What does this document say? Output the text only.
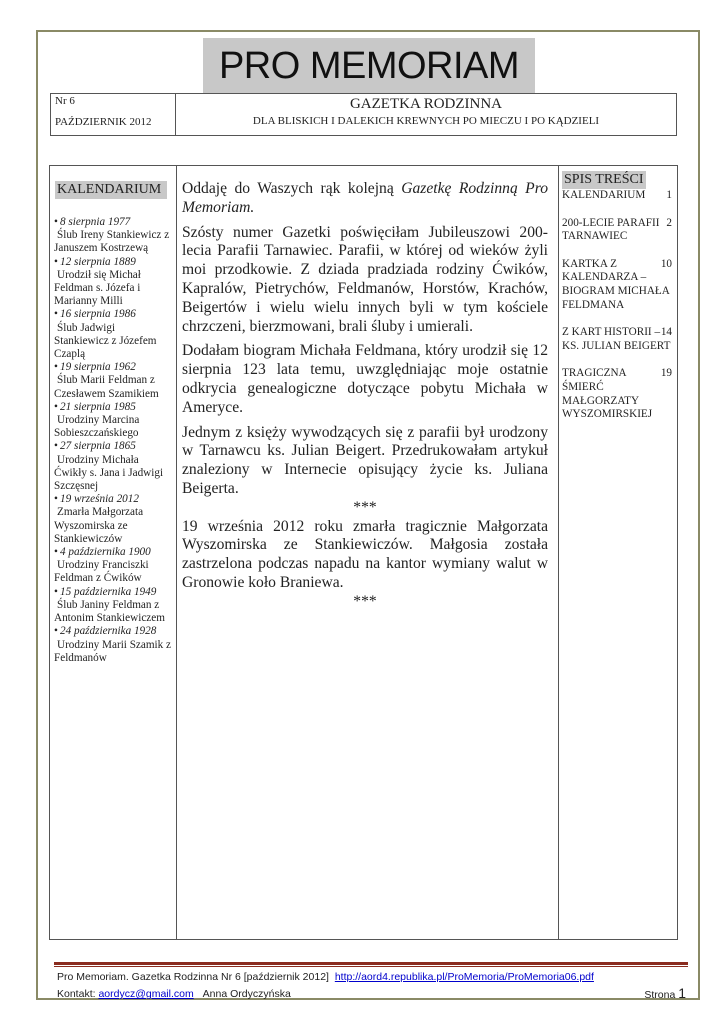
PRO MEMORIAM
Nr 6
PAŹDZIERNIK 2012
GAZETKA RODZINNA
DLA BLISKICH I DALEKICH KREWNYCH PO MIECZU I PO KĄDZIELI
KALENDARIUM
• 8 sierpnia 1977
Ślub Ireny Stankiewicz z Januszem Kostrzewą
• 12 sierpnia 1889
Urodził się Michał Feldman s. Józefa i Marianny Milli
• 16 sierpnia 1986
Ślub Jadwigi Stankiewicz z Józefem Czaplą
• 19 sierpnia 1962
Ślub Marii Feldman z Czesławem Szamikiem
• 21 sierpnia 1985
Urodziny Marcina Sobieszczańskiego
• 27 sierpnia 1865
Urodziny Michała Ćwikły s. Jana i Jadwigi Szczęsnej
• 19 września 2012
Zmarła Małgorzata Wyszomirska ze Stankiewiczów
• 4 października 1900
Urodziny Franciszki Feldman z Ćwików
• 15 października 1949
Ślub Janiny Feldman z Antonim Stankiewiczem
• 24 października 1928
Urodziny Marii Szamik z Feldmanów

Oddaję do Waszych rąk kolejną Gazetkę Rodzinną Pro Memoriam.

Szósty numer Gazetki poświęciłam Jubileuszowi 200-lecia Parafii Tarnawiec. Parafii, w której od wieków żyli moi przodkowie. Z dziada pradziada rodziny Ćwików, Kapralów, Pietrychów, Feldmanów, Horstów, Krachów, Beigertów i wielu wielu innych byli w tym kościele chrzczeni, bierzmowani, brali śluby i umierali.

Dodałam biogram Michała Feldmana, który urodził się 12 sierpnia 123 lata temu, uwzględniając moje ostatnie odkrycia genealogiczne dotyczące pobytu Michała w Ameryce.

Jednym z księży wywodzących się z parafii był urodzony w Tarnawcu ks. Julian Beigert. Przedrukowałam artykuł znaleziony w Internecie opisujący życie ks. Juliana Beigerta.

***

19 września 2012 roku zmarła tragicznie Małgorzata Wyszomirska ze Stankiewiczów. Małgosia została zastrzelona podczas napadu na kantor wymiany walut w Gronowie koło Braniewa.

***

SPIS TREŚCI
1
KALENDARIUM
2
200-LECIE PARAFII TARNAWIEC
10
KARTKA Z KALENDARZA – BIOGRAM MICHAŁA FELDMANA
14
Z KART HISTORII – KS. JULIAN BEIGERT
19
TRAGICZNA ŚMIERĆ MAŁGORZATY WYSZOMIRSKIEJ
Pro Memoriam. Gazetka Rodzinna Nr 6 [październik 2012] http://aord4.republika.pl/ProMemoria/ProMemoria06.pdf
Kontakt: aordycz@gmail.com Anna Ordyczyńska	Strona 1
